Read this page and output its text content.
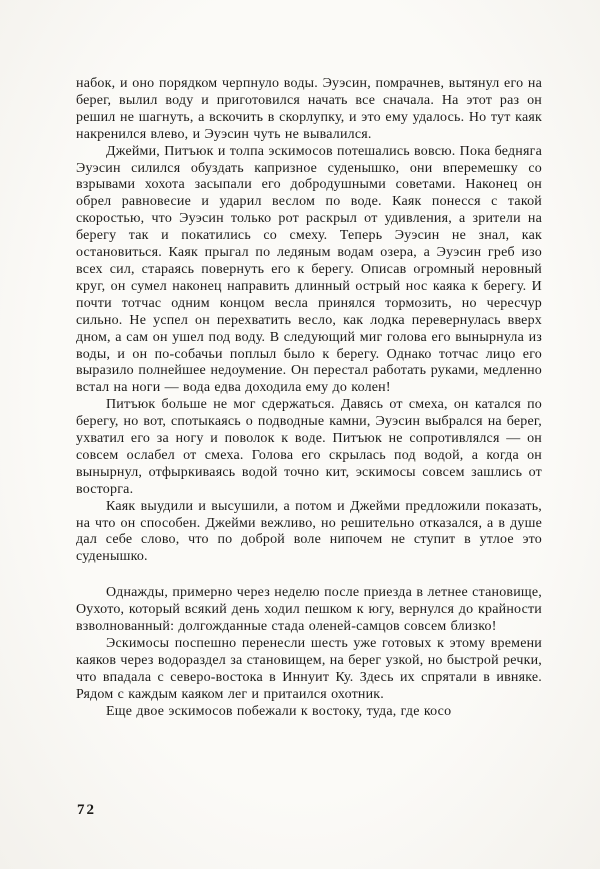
набок, и оно порядком черпнуло воды. Эуэсин, помрачнев, вытянул его на берег, вылил воду и приготовился начать все сначала. На этот раз он решил не шагнуть, а вскочить в скорлупку, и это ему удалось. Но тут каяк накренился влево, и Эуэсин чуть не вывалился.

Джейми, Питъюк и толпа эскимосов потешались вовсю. Пока бедняга Эуэсин силился обуздать капризное суденышко, они вперемешку со взрывами хохота засыпали его добродушными советами. Наконец он обрел равновесие и ударил веслом по воде. Каяк понесся с такой скоростью, что Эуэсин только рот раскрыл от удивления, а зрители на берегу так и покатились со смеху. Теперь Эуэсин не знал, как остановиться. Каяк прыгал по ледяным водам озера, а Эуэсин греб изо всех сил, стараясь повернуть его к берегу. Описав огромный неровный круг, он сумел наконец направить длинный острый нос каяка к берегу. И почти тотчас одним концом весла принялся тормозить, но чересчур сильно. Не успел он перехватить весло, как лодка перевернулась вверх дном, а сам он ушел под воду. В следующий миг голова его вынырнула из воды, и он по-собачьи поплыл было к берегу. Однако тотчас лицо его выразило полнейшее недоумение. Он перестал работать руками, медленно встал на ноги — вода едва доходила ему до колен!

Питъюк больше не мог сдержаться. Давясь от смеха, он катался по берегу, но вот, спотыкаясь о подводные камни, Эуэсин выбрался на берег, ухватил его за ногу и поволок к воде. Питъюк не сопротивлялся — он совсем ослабел от смеха. Голова его скрылась под водой, а когда он вынырнул, отфыркиваясь водой точно кит, эскимосы совсем зашлись от восторга.

Каяк выудили и высушили, а потом и Джейми предложили показать, на что он способен. Джейми вежливо, но решительно отказался, а в душе дал себе слово, что по доброй воле нипочем не ступит в утлое это суденышко.

Однажды, примерно через неделю после приезда в летнее становище, Оухото, который всякий день ходил пешком к югу, вернулся до крайности взволнованный: долгожданные стада оленей-самцов совсем близко!

Эскимосы поспешно перенесли шесть уже готовых к этому времени каяков через водораздел за становищем, на берег узкой, но быстрой речки, что впадала с северо-востока в Иннуит Ку. Здесь их спрятали в ивняке. Рядом с каждым каяком лег и притаился охотник.

Еще двое эскимосов побежали к востоку, туда, где косо

72
